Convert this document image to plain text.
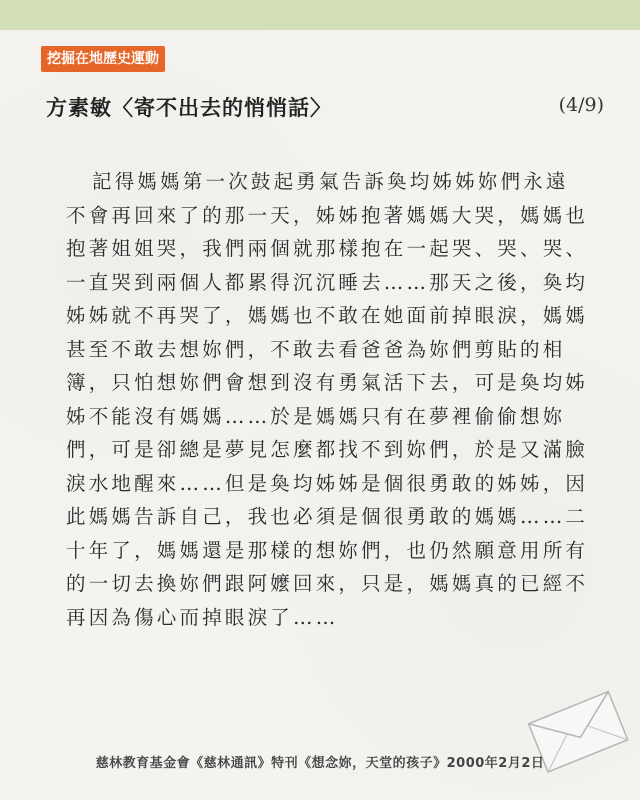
挖掘在地歷史運動
方素敏〈寄不出去的悄悄話〉	(4/9)
記得媽媽第一次鼓起勇氣告訴奐均姊姊妳們永遠
不會再回來了的那一天，姊姊抱著媽媽大哭，媽媽也
抱著姐姐哭，我們兩個就那樣抱在一起哭、哭、哭、
一直哭到兩個人都累得沉沉睡去……那天之後，奐均
姊姊就不再哭了，媽媽也不敢在她面前掉眼淚，媽媽
甚至不敢去想妳們，不敢去看爸爸為妳們剪貼的相
簿，只怕想妳們會想到沒有勇氣活下去，可是奐均姊
姊不能沒有媽媽……於是媽媽只有在夢裡偷偷想妳
們，可是卻總是夢見怎麼都找不到妳們，於是又滿臉
淚水地醒來……但是奐均姊姊是個很勇敢的姊姊，因
此媽媽告訴自己，我也必須是個很勇敢的媽媽……二
十年了，媽媽還是那樣的想妳們，也仍然願意用所有
的一切去換妳們跟阿嬤回來，只是，媽媽真的已經不
再因為傷心而掉眼淚了……
慈林教育基金會《慈林通訊》特刊《想念妳，天堂的孩子》2000年2月2日
